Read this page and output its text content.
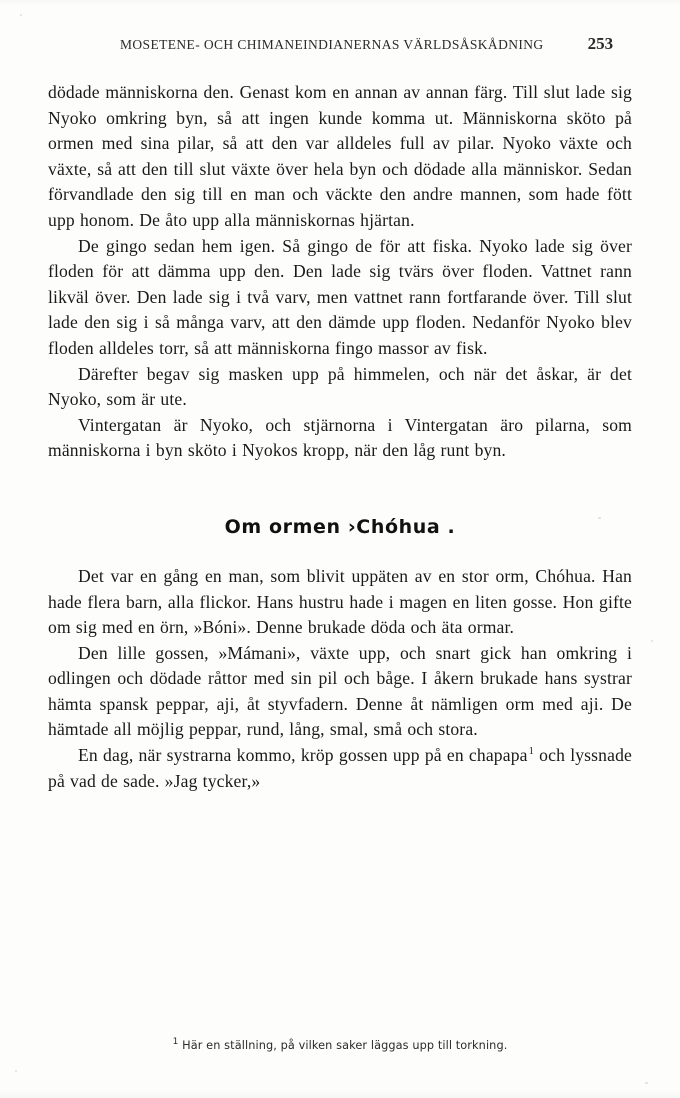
MOSETENE- OCH CHIMANEINDIANERNAS VÄRLDSÅSKÅDNING	253

dödade människorna den. Genast kom en annan av annan färg. Till slut lade sig Nyoko omkring byn, så att ingen kunde komma ut. Människorna sköto på ormen med sina pilar, så att den var alldeles full av pilar. Nyoko växte och växte, så att den till slut växte över hela byn och dödade alla människor. Sedan förvandlade den sig till en man och väckte den andre mannen, som hade fött upp honom. De åto upp alla människornas hjärtan.

De gingo sedan hem igen. Så gingo de för att fiska. Nyoko lade sig över floden för att dämma upp den. Den lade sig tvärs över floden. Vattnet rann likväl över. Den lade sig i två varv, men vattnet rann fortfarande över. Till slut lade den sig i så många varv, att den dämde upp floden. Nedanför Nyoko blev floden alldeles torr, så att människorna fingo massor av fisk.

Därefter begav sig masken upp på himmelen, och när det åskar, är det Nyoko, som är ute.

Vintergatan är Nyoko, och stjärnorna i Vintergatan äro pilarna, som människorna i byn sköto i Nyokos kropp, när den låg runt byn.

Om ormen ›Chóhua .

Det var en gång en man, som blivit uppäten av en stor orm, Chóhua. Han hade flera barn, alla flickor. Hans hustru hade i magen en liten gosse. Hon gifte om sig med en örn, »Bóni». Denne brukade döda och äta ormar.

Den lille gossen, »Mámani», växte upp, och snart gick han omkring i odlingen och dödade råttor med sin pil och båge. I åkern brukade hans systrar hämta spansk peppar, aji, åt styvfadern. Denne åt nämligen orm med aji. De hämtade all möjlig peppar, rund, lång, smal, små och stora.

En dag, när systrarna kommo, kröp gossen upp på en chapapa$^1$ och lyssnade på vad de sade. »Jag tycker,»

$^1$ Här en ställning, på vilken saker läggas upp till torkning.
